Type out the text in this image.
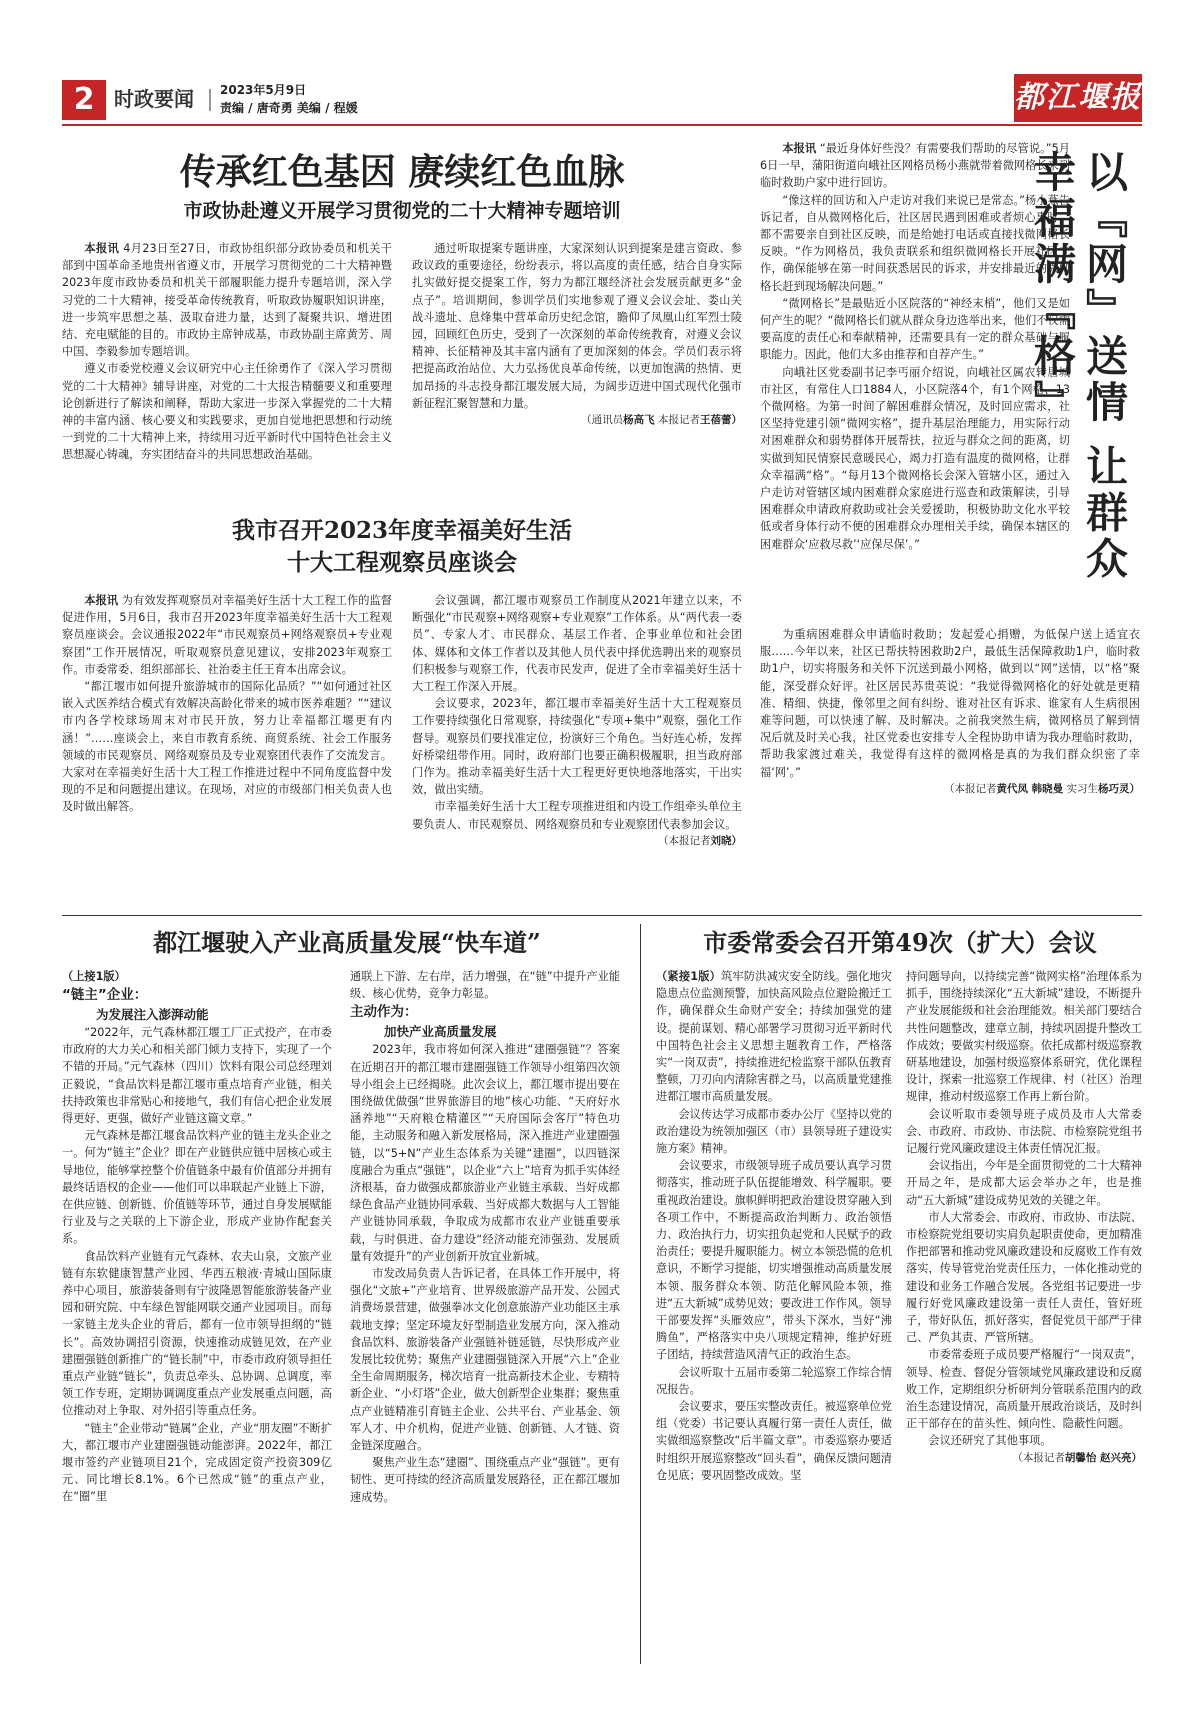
2 时政要闻 2023年5月9日
责编 / 唐奇勇 美编 / 程媛	都江堰报
传承红色基因 赓续红色血脉
市政协赴遵义开展学习贯彻党的二十大精神专题培训

本报讯 4月23日至27日，市政协组织部分政协委员和机关干部到中国革命圣地贵州省遵义市，开展学习贯彻党的二十大精神暨2023年度市政协委员和机关干部履职能力提升专题培训，深入学习党的二十大精神，接受革命传统教育，听取政协履职知识讲座，进一步筑牢思想之基、汲取奋进力量，达到了凝聚共识、增进团结、充电赋能的目的。市政协主席钟成基，市政协副主席黄芳、周中国、李毅参加专题培训。

遵义市委党校遵义会议研究中心主任徐勇作了《深入学习贯彻党的二十大精神》辅导讲座，对党的二十大报告精髓要义和重要理论创新进行了解读和阐释，帮助大家进一步深入掌握党的二十大精神的丰富内涵、核心要义和实践要求，更加自觉地把思想和行动统一到党的二十大精神上来，持续用习近平新时代中国特色社会主义思想凝心铸魂，夯实团结奋斗的共同思想政治基础。

通过听取提案专题讲座，大家深刻认识到提案是建言资政、参政议政的重要途径，纷纷表示，将以高度的责任感，结合自身实际扎实做好提交提案工作，努力为都江堰经济社会发展贡献更多“金点子”。培训期间，参训学员们实地参观了遵义会议会址、娄山关战斗遗址、息烽集中营革命历史纪念馆，瞻仰了凤凰山红军烈士陵园，回顾红色历史，受到了一次深刻的革命传统教育，对遵义会议精神、长征精神及其丰富内涵有了更加深刻的体会。学员们表示将把提高政治站位、大力弘扬优良革命传统，以更加饱满的热情、更加昂扬的斗志投身都江堰发展大局，为阔步迈进中国式现代化强市新征程汇聚智慧和力量。

（通讯员杨高飞 本报记者王蓓蕾）
我市召开2023年度幸福美好生活
十大工程观察员座谈会

本报讯 为有效发挥观察员对幸福美好生活十大工程工作的监督促进作用，5月6日，我市召开2023年度幸福美好生活十大工程观察员座谈会。会议通报2022年“市民观察员+网络观察员+专业观察团”工作开展情况，听取观察员意见建议，安排2023年观察工作。市委常委、组织部部长、社治委主任王育本出席会议。

“都江堰市如何提升旅游城市的国际化品质？”“如何通过社区嵌入式医养结合模式有效解决高龄化带来的城市医养难题？”“建议市内各学校球场周末对市民开放，努力让幸福都江堰更有内涵！”……座谈会上，来自市教育系统、商贸系统、社会工作服务领域的市民观察员、网络观察员及专业观察团代表作了交流发言。大家对在幸福美好生活十大工程工作推进过程中不同角度监督中发现的不足和问题提出建议。在现场，对应的市级部门相关负责人也及时做出解答。

会议强调，都江堰市观察员工作制度从2021年建立以来，不断强化“市民观察+网络观察+专业观察”工作体系。从“两代表一委员”、专家人才、市民群众、基层工作者、企事业单位和社会团体、媒体和文体工作者以及其他人员代表中择优选聘出来的观察员们积极参与观察工作，代表市民发声，促进了全市幸福美好生活十大工程工作深入开展。

会议要求，2023年，都江堰市幸福美好生活十大工程观察员工作要持续强化日常观察，持续强化“专项+集中”观察，强化工作督导。观察员们要找准定位，扮演好三个角色。当好连心桥，发挥好桥梁纽带作用。同时，政府部门也要正确积极履职，担当政府部门作为。推动幸福美好生活十大工程更好更快地落地落实，干出实效，做出实绩。

市幸福美好生活十大工程专项推进组和内设工作组牵头单位主要负责人、市民观察员、网络观察员和专业观察团代表参加会议。

（本报记者刘晓）
以『网』送情 让群众幸福满『格』

本报讯 “最近身体好些没？有需要我们帮助的尽管说。”5月6日一早，蒲阳街道向峨社区网格员杨小燕就带着微网格长来到临时救助户家中进行回访。

“像这样的回访和入户走访对我们来说已是常态。”杨小燕告诉记者，自从微网格化后，社区居民遇到困难或者烦心事时，都不需要亲自到社区反映，而是给她打电话或直接找微网格长反映。“作为网格员，我负责联系和组织微网格长开展社区工作，确保能够在第一时间获悉居民的诉求，并安排最近的微网格长赶到现场解决问题。”

“微网格长”是最贴近小区院落的“神经末梢”，他们又是如何产生的呢？“微网格长们就从群众身边选举出来，他们不仅需要高度的责任心和奉献精神，还需要具有一定的群众基础与履职能力。因此，他们大多由推荐和自荐产生。”

向峨社区党委副书记李丐丽介绍说，向峨社区属农转居城市社区，有常住人口1884人，小区院落4个，有1个网格、13个微网格。为第一时间了解困难群众情况，及时回应需求，社区坚持党建引领“微网实格”，提升基层治理能力，用实际行动对困难群众和弱势群体开展帮扶，拉近与群众之间的距离，切实做到知民情察民意暖民心，竭力打造有温度的微网格，让群众幸福满“格”。“每月13个微网格长会深入管辖小区，通过入户走访对管辖区域内困难群众家庭进行巡查和政策解读，引导困难群众申请政府救助或社会关爱援助，积极协助文化水平较低或者身体行动不便的困难群众办理相关手续，确保本辖区的困难群众‘应救尽救’‘应保尽保’。”

为重病困难群众申请临时救助；发起爱心捐赠，为低保户送上适宜衣服……今年以来，社区已帮扶特困救助2户，最低生活保障救助1户，临时救助1户，切实将服务和关怀下沉送到最小网格，做到以“网”送情，以“格”聚能，深受群众好评。社区居民苏贵英说：“我觉得微网格化的好处就是更精准、精细、快捷，像邻里之间有纠纷、谁对社区有诉求、谁家有人生病很困难等问题，可以快速了解、及时解决。之前我突然生病，微网格员了解到情况后就及时关心我，社区党委也安排专人全程协助申请为我办理临时救助，帮助我家渡过难关，我觉得有这样的微网格是真的为我们群众织密了幸福‘网’。”

（本报记者黄代凤 韩晓曼 实习生杨巧灵）
都江堰驶入产业高质量发展“快车道”
（上接1版）
“链主”企业：
为发展注入澎湃动能

“2022年，元气森林都江堰工厂正式投产，在市委市政府的大力关心和相关部门倾力支持下，实现了一个不错的开局。”元气森林（四川）饮料有限公司总经理刘正毅说，“食品饮料是都江堰市重点培育产业链，相关扶持政策也非常贴心和接地气，我们有信心把企业发展得更好、更强，做好产业链这篇文章。”

元气森林是都江堰食品饮料产业的链主龙头企业之一。何为“链主”企业？即在产业链供应链中居核心或主导地位，能够掌控整个价值链条中最有价值部分并拥有最终话语权的企业——他们可以串联起产业链上下游，在供应链、创新链、价值链等环节，通过自身发展赋能行业及与之关联的上下游企业，形成产业协作配套关系。

食品饮料产业链有元气森林、农夫山泉，文旅产业链有东软健康智慧产业园、华西五粮液·青城山国际康养中心项目，旅游装备则有宁波隆恩智能旅游装备产业园和研究院、中车绿色智能网联交通产业园项目。而每一家链主龙头企业的背后，都有一位市领导担纲的“链长”。高效协调招引资源，快速推动成链见效，在产业建圈强链创新推广的“链长制”中，市委市政府领导担任重点产业链“链长”，负责总牵头、总协调、总调度，率领工作专班，定期协调调度重点产业发展重点问题，高位推动对上争取、对外招引等重点任务。

“链主”企业带动“链属”企业，产业“朋友圈”不断扩大，都江堰市产业建圈强链动能澎湃。2022年，都江堰市签约产业链项目21个，完成固定资产投资309亿元、同比增长8.1%。6个已然成“链”的重点产业，在“圈”里

通联上下游、左右岸，活力增强，在“链”中提升产业能级、核心优势，竞争力彰显。

主动作为：
加快产业高质量发展

2023年，我市将如何深入推进“建圈强链”？答案在近期召开的都江堰市建圈强链工作领导小组第四次领导小组会上已经揭晓。此次会议上，都江堰市提出要在围绕做优做强“世界旅游目的地”核心功能、“天府好水涵养地”“天府粮仓精灌区”“天府国际会客厅”特色功能，主动服务和融入新发展格局，深入推进产业建圈强链，以“5+N”产业生态体系为关键“建圈”，以四链深度融合为重点“强链”，以企业“六上”培育为抓手实体经济根基，奋力做强成都旅游业产业链主承载、当好成都绿色食品产业链协同承载、当好成都大数据与人工智能产业链协同承载，争取成为成都市农业产业链重要承载，与时俱进、奋力建设“经济动能充沛强劲、发展质量有效提升”的产业创新开放宜业新城。

市发改局负责人告诉记者，在具体工作开展中，将强化“文旅+”产业培育、世界级旅游产品开发、公园式消费场景营建，做强拳冰文化创意旅游产业功能区主承载地支撑；坚定环境友好型制造业发展方向，深入推动食品饮料、旅游装备产业强链补链延链，尽快形成产业发展比较优势；聚焦产业建圈强链深入开展“六上”企业全生命周期服务，梯次培育一批高新技术企业、专精特新企业、“小灯塔”企业，做大创新型企业集群；聚焦重点产业链精准引育链主企业、公共平台、产业基金、领军人才、中介机构，促进产业链、创新链、人才链、资金链深度融合。

聚焦产业生态“建圈”、围绕重点产业“强链”。更有韧性、更可持续的经济高质量发展路径，正在都江堰加速成势。

市委常委会召开第49次（扩大）会议

（紧接1版）筑牢防洪减灾安全防线。强化地灾隐患点位监测预警，加快高风险点位避险搬迁工作，确保群众生命财产安全；持续加强党的建设。提前谋划、精心部署学习贯彻习近平新时代中国特色社会主义思想主题教育工作，严格落实“一岗双责”，持续推进纪检监察干部队伍教育整顿，刀刃向内清除害群之马，以高质量党建推进都江堰市高质量发展。

会议传达学习成都市委办公厅《坚持以党的政治建设为统领加强区（市）县领导班子建设实施方案》精神。

会议要求，市级领导班子成员要认真学习贯彻落实，推动班子队伍提能增效、科学履职。要重视政治建设。旗帜鲜明把政治建设贯穿融入到各项工作中，不断提高政治判断力、政治领悟力、政治执行力，切实扭负起党和人民赋予的政治责任；要提升履职能力。树立本领恐慌的危机意识，不断学习提能，切实增强推动高质量发展本领、服务群众本领、防范化解风险本领，推进“五大新城”成势见效；要改进工作作风。领导干部要发挥“头雁效应”，带头下深水，当好“沸腾鱼”，严格落实中央八项规定精神，维护好班子团结，持续营造风清气正的政治生态。

会议听取十五届市委第二轮巡察工作综合情况报告。

会议要求，要压实整改责任。被巡察单位党组（党委）书记要认真履行第一责任人责任，做实做细巡察整改“后半篇文章”。市委巡察办要适时组织开展巡察整改“回头看”，确保反馈问题清仓见底；要巩固整改成效。坚

持问题导向，以持续完善“微网实格”治理体系为抓手，围绕持续深化“五大新城”建设，不断提升产业发展能级和社会治理能效。相关部门要结合共性问题整改，建章立制，持续巩固提升整改工作成效；要做实村级巡察。依托成都村级巡察教研基地建设，加强村级巡察体系研究，优化课程设计，探索一批巡察工作规律、村（社区）治理规律，推动村级巡察工作再上新台阶。

会议听取市委领导班子成员及市人大常委会、市政府、市政协、市法院、市检察院党组书记履行党风廉政建设主体责任情况汇报。

会议指出，今年是全面贯彻党的二十大精神开局之年，是成都大运会举办之年，也是推动“五大新城”建设成势见效的关键之年。

市人大常委会、市政府、市政协、市法院、市检察院党组要切实肩负起职责使命，更加精准作把部署和推动党风廉政建设和反腐败工作有效落实，传导管党治党责任压力，一体化推动党的建设和业务工作融合发展。各党组书记要进一步履行好党风廉政建设第一责任人责任，管好班子，带好队伍，抓好落实，督促党员干部严于律己、严负其责、严管所辖。

市委常委班子成员要严格履行“一岗双责”，领导、检查、督促分管领域党风廉政建设和反腐败工作，定期组织分析研判分管联系范围内的政治生态建设情况，高质量开展政治谈话，及时纠正干部存在的苗头性、倾向性、隐蔽性问题。

会议还研究了其他事项。

（本报记者胡馨怡 赵兴亮）
